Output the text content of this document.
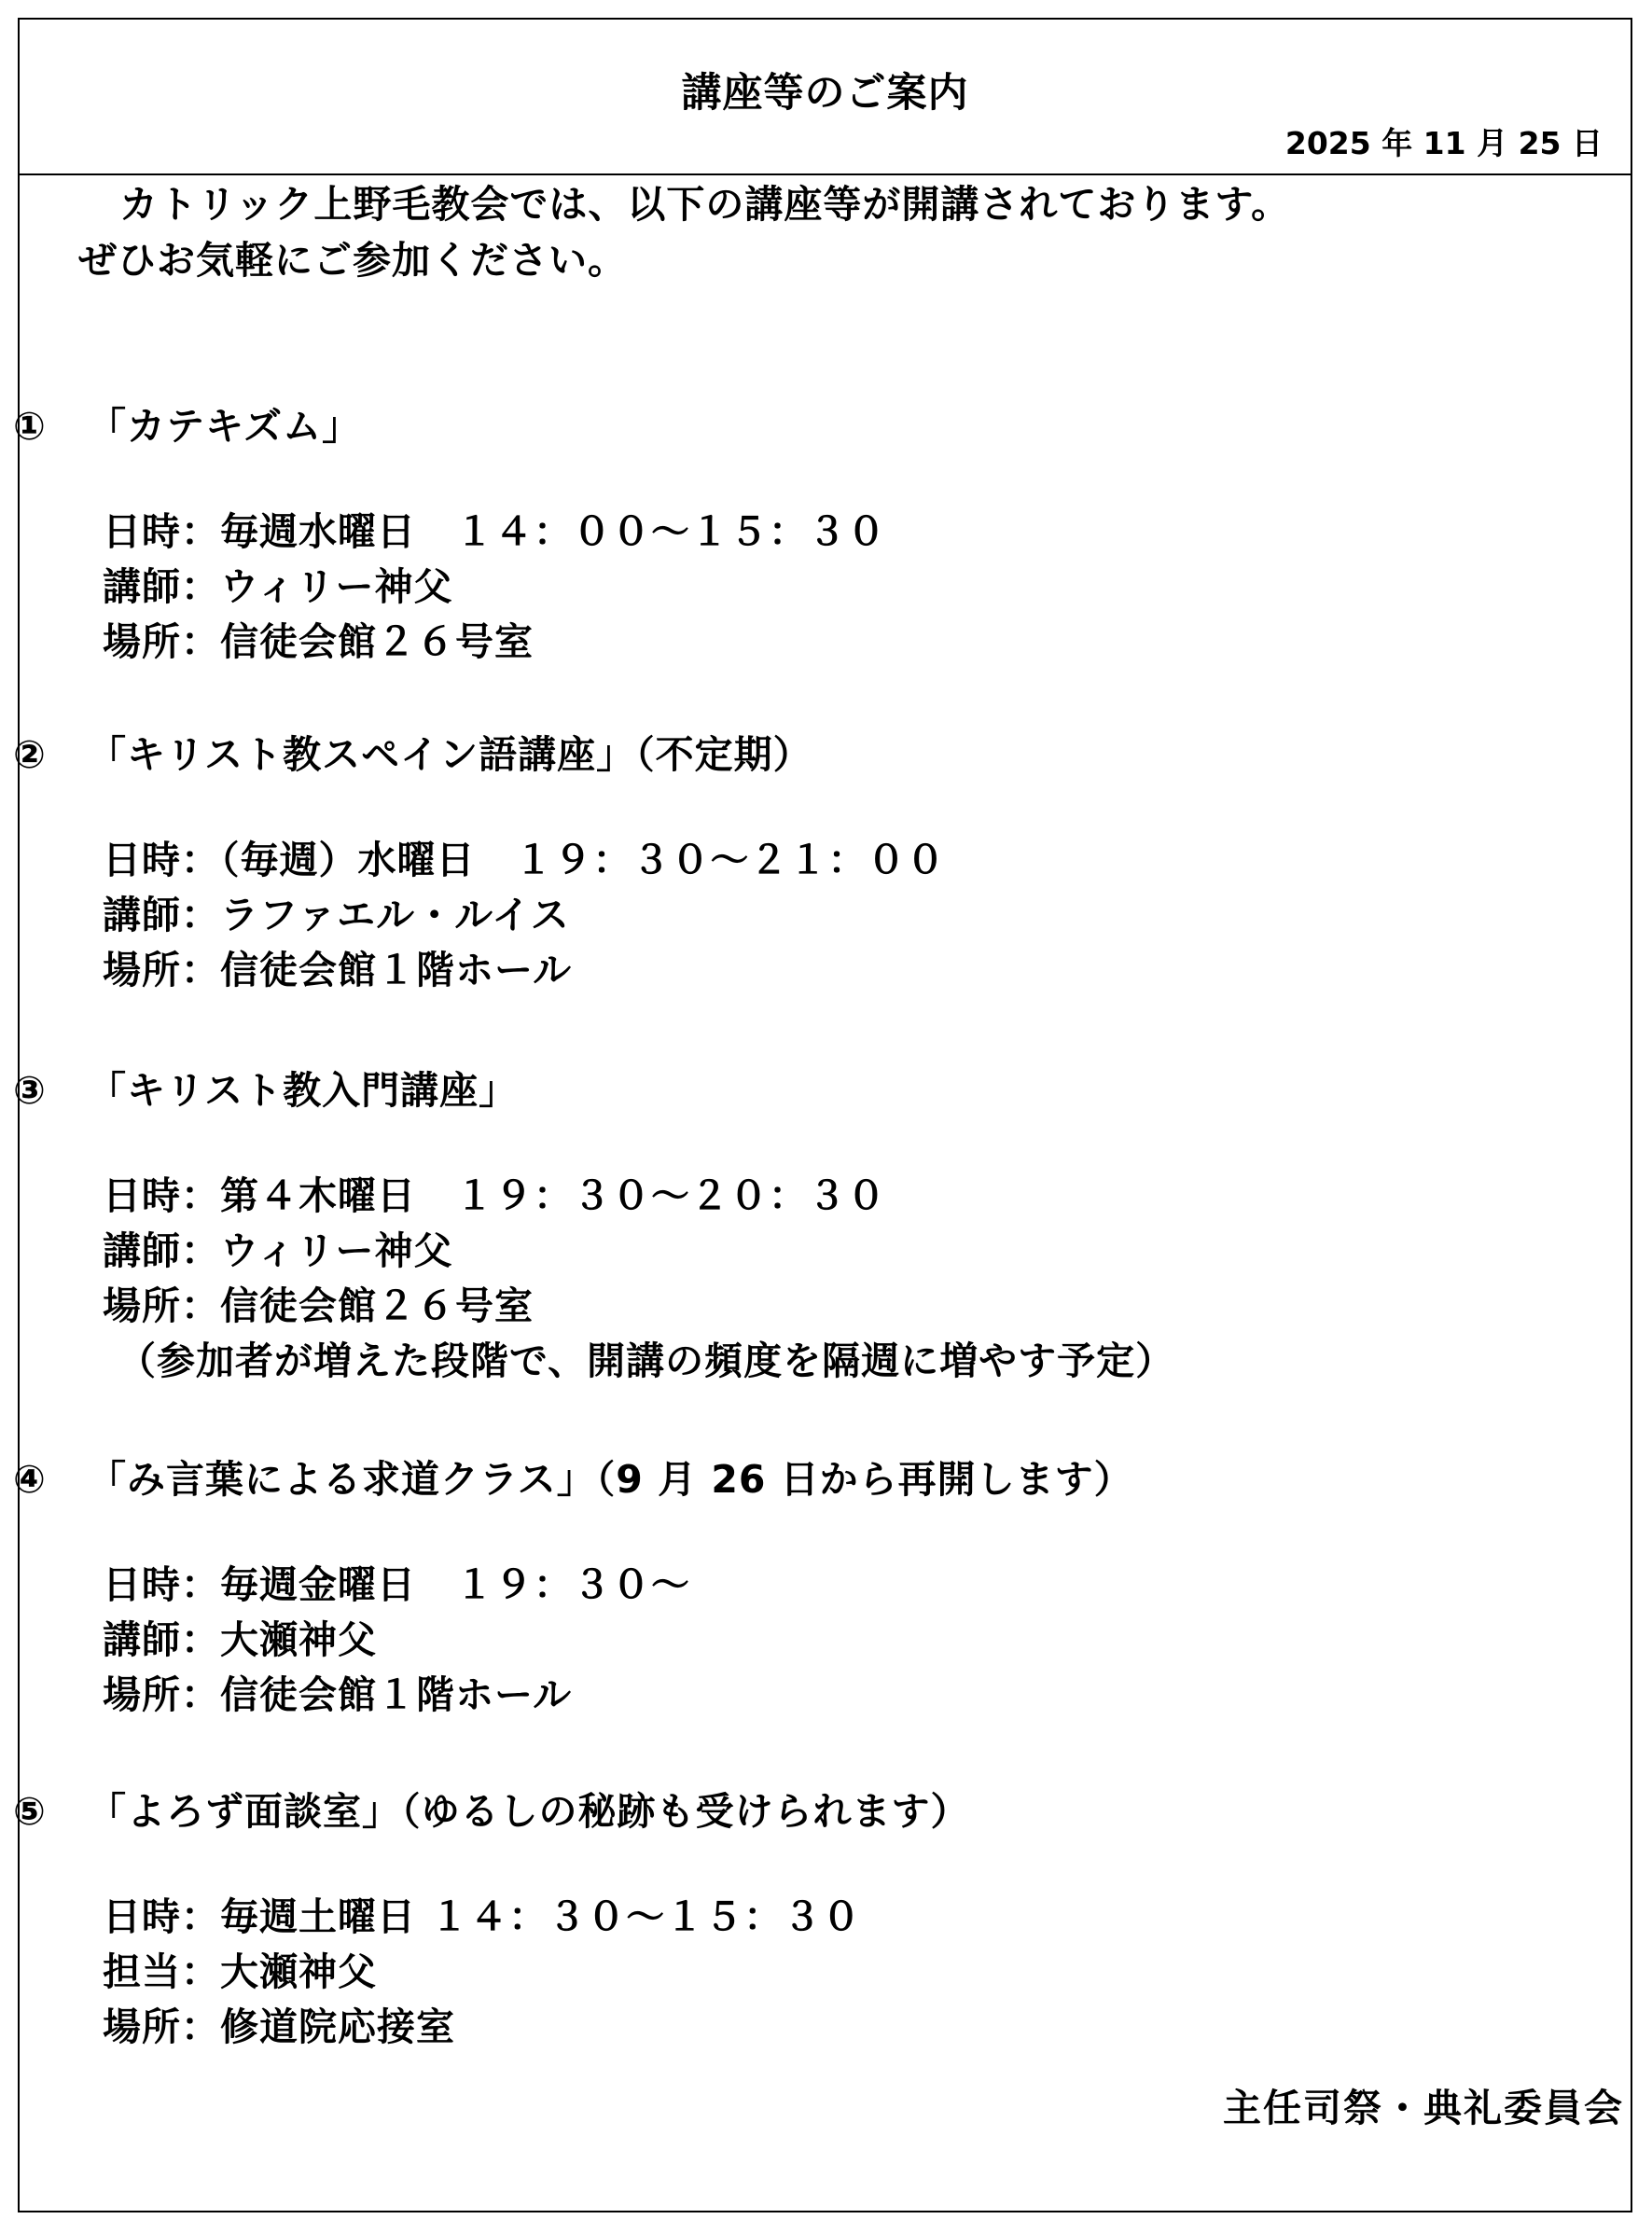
講座等のご案内
2025 年 11 月 25 日
カトリック上野毛教会では、以下の講座等が開講されております。
ぜひお気軽にご参加ください。
① 「カテキズム」
日時：毎週水曜日　１４：００～１５：３０
講師：ウィリー神父
場所：信徒会館２６号室
② 「キリスト教スペイン語講座」（不定期）
日時：（毎週）水曜日　１９：３０～２１：００
講師：ラファエル・ルイス
場所：信徒会館１階ホール
③ 「キリスト教入門講座」
日時：第４木曜日　１９：３０～２０：３０
講師：ウィリー神父
場所：信徒会館２６号室
（参加者が増えた段階で、開講の頻度を隔週に増やす予定）
④ 「み言葉による求道クラス」（9 月 26 日から再開します）
日時：毎週金曜日　１９：３０～
講師：大瀬神父
場所：信徒会館１階ホール
⑤ 「よろず面談室」（ゆるしの秘跡も受けられます）
日時：毎週土曜日 １４：３０～１５：３０
担当：大瀬神父
場所：修道院応接室
主任司祭・典礼委員会
